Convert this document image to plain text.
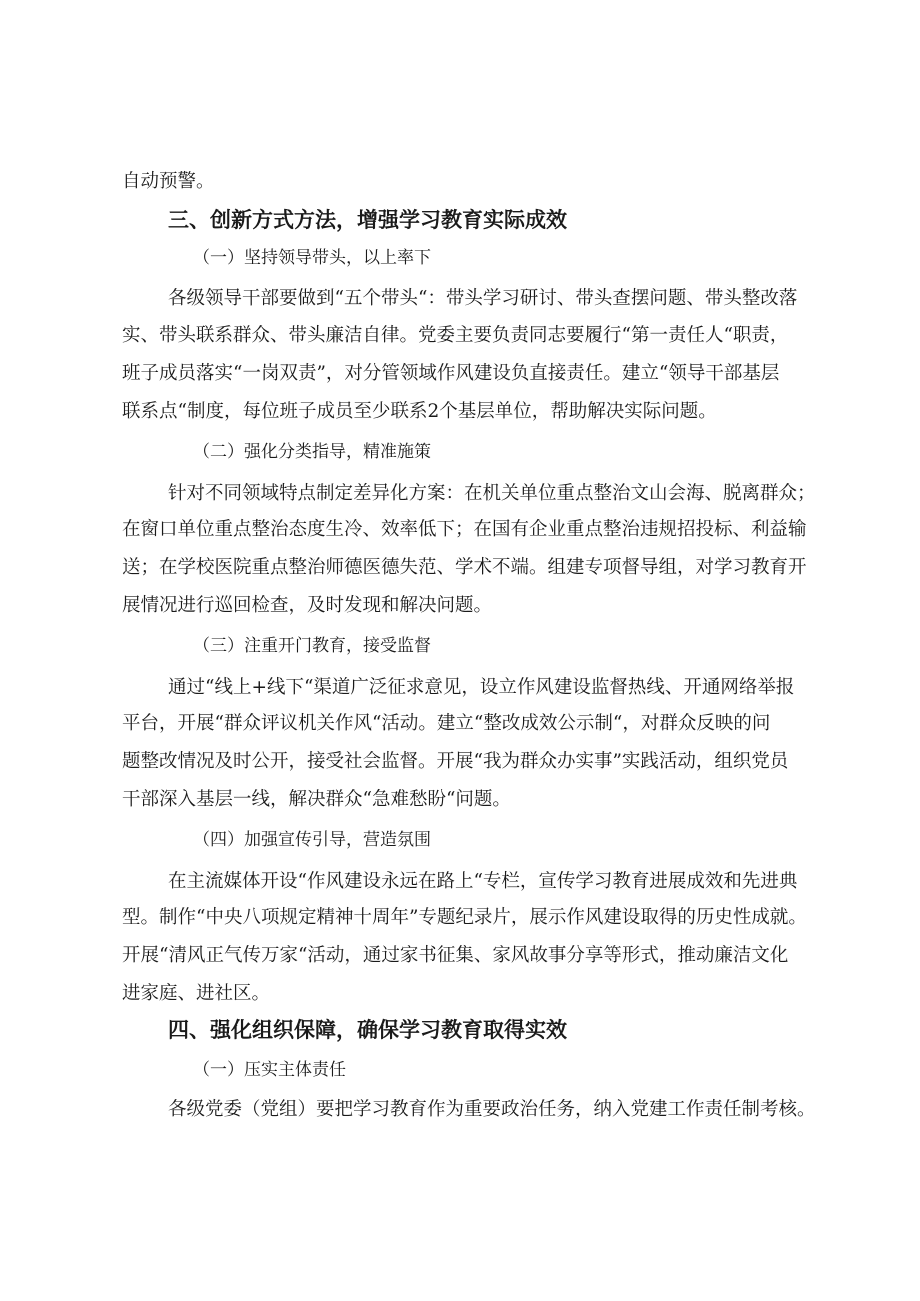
自动预警。
三、创新方式方法，增强学习教育实际成效
（一）坚持领导带头，以上率下
各级领导干部要做到“五个带头“：带头学习研讨、带头查摆问题、带头整改落
实、带头联系群众、带头廉洁自律。党委主要负责同志要履行“第一责任人“职责，
班子成员落实“一岗双责”，对分管领域作风建设负直接责任。建立“领导干部基层
联系点“制度，每位班子成员至少联系2个基层单位，帮助解决实际问题。
（二）强化分类指导，精准施策
针对不同领域特点制定差异化方案：在机关单位重点整治文山会海、脱离群众；
在窗口单位重点整治态度生冷、效率低下；在国有企业重点整治违规招投标、利益输
送；在学校医院重点整治师德医德失范、学术不端。组建专项督导组，对学习教育开
展情况进行巡回检查，及时发现和解决问题。
（三）注重开门教育，接受监督
通过“线上+线下“渠道广泛征求意见，设立作风建设监督热线、开通网络举报
平台，开展“群众评议机关作风“活动。建立“整改成效公示制“，对群众反映的问
题整改情况及时公开，接受社会监督。开展“我为群众办实事”实践活动，组织党员
干部深入基层一线，解决群众“急难愁盼“问题。
（四）加强宣传引导，营造氛围
在主流媒体开设“作风建设永远在路上“专栏，宣传学习教育进展成效和先进典
型。制作“中央八项规定精神十周年”专题纪录片，展示作风建设取得的历史性成就。
开展“清风正气传万家“活动，通过家书征集、家风故事分享等形式，推动廉洁文化
进家庭、进社区。
四、强化组织保障，确保学习教育取得实效
（一）压实主体责任
各级党委（党组）要把学习教育作为重要政治任务，纳入党建工作责任制考核。
